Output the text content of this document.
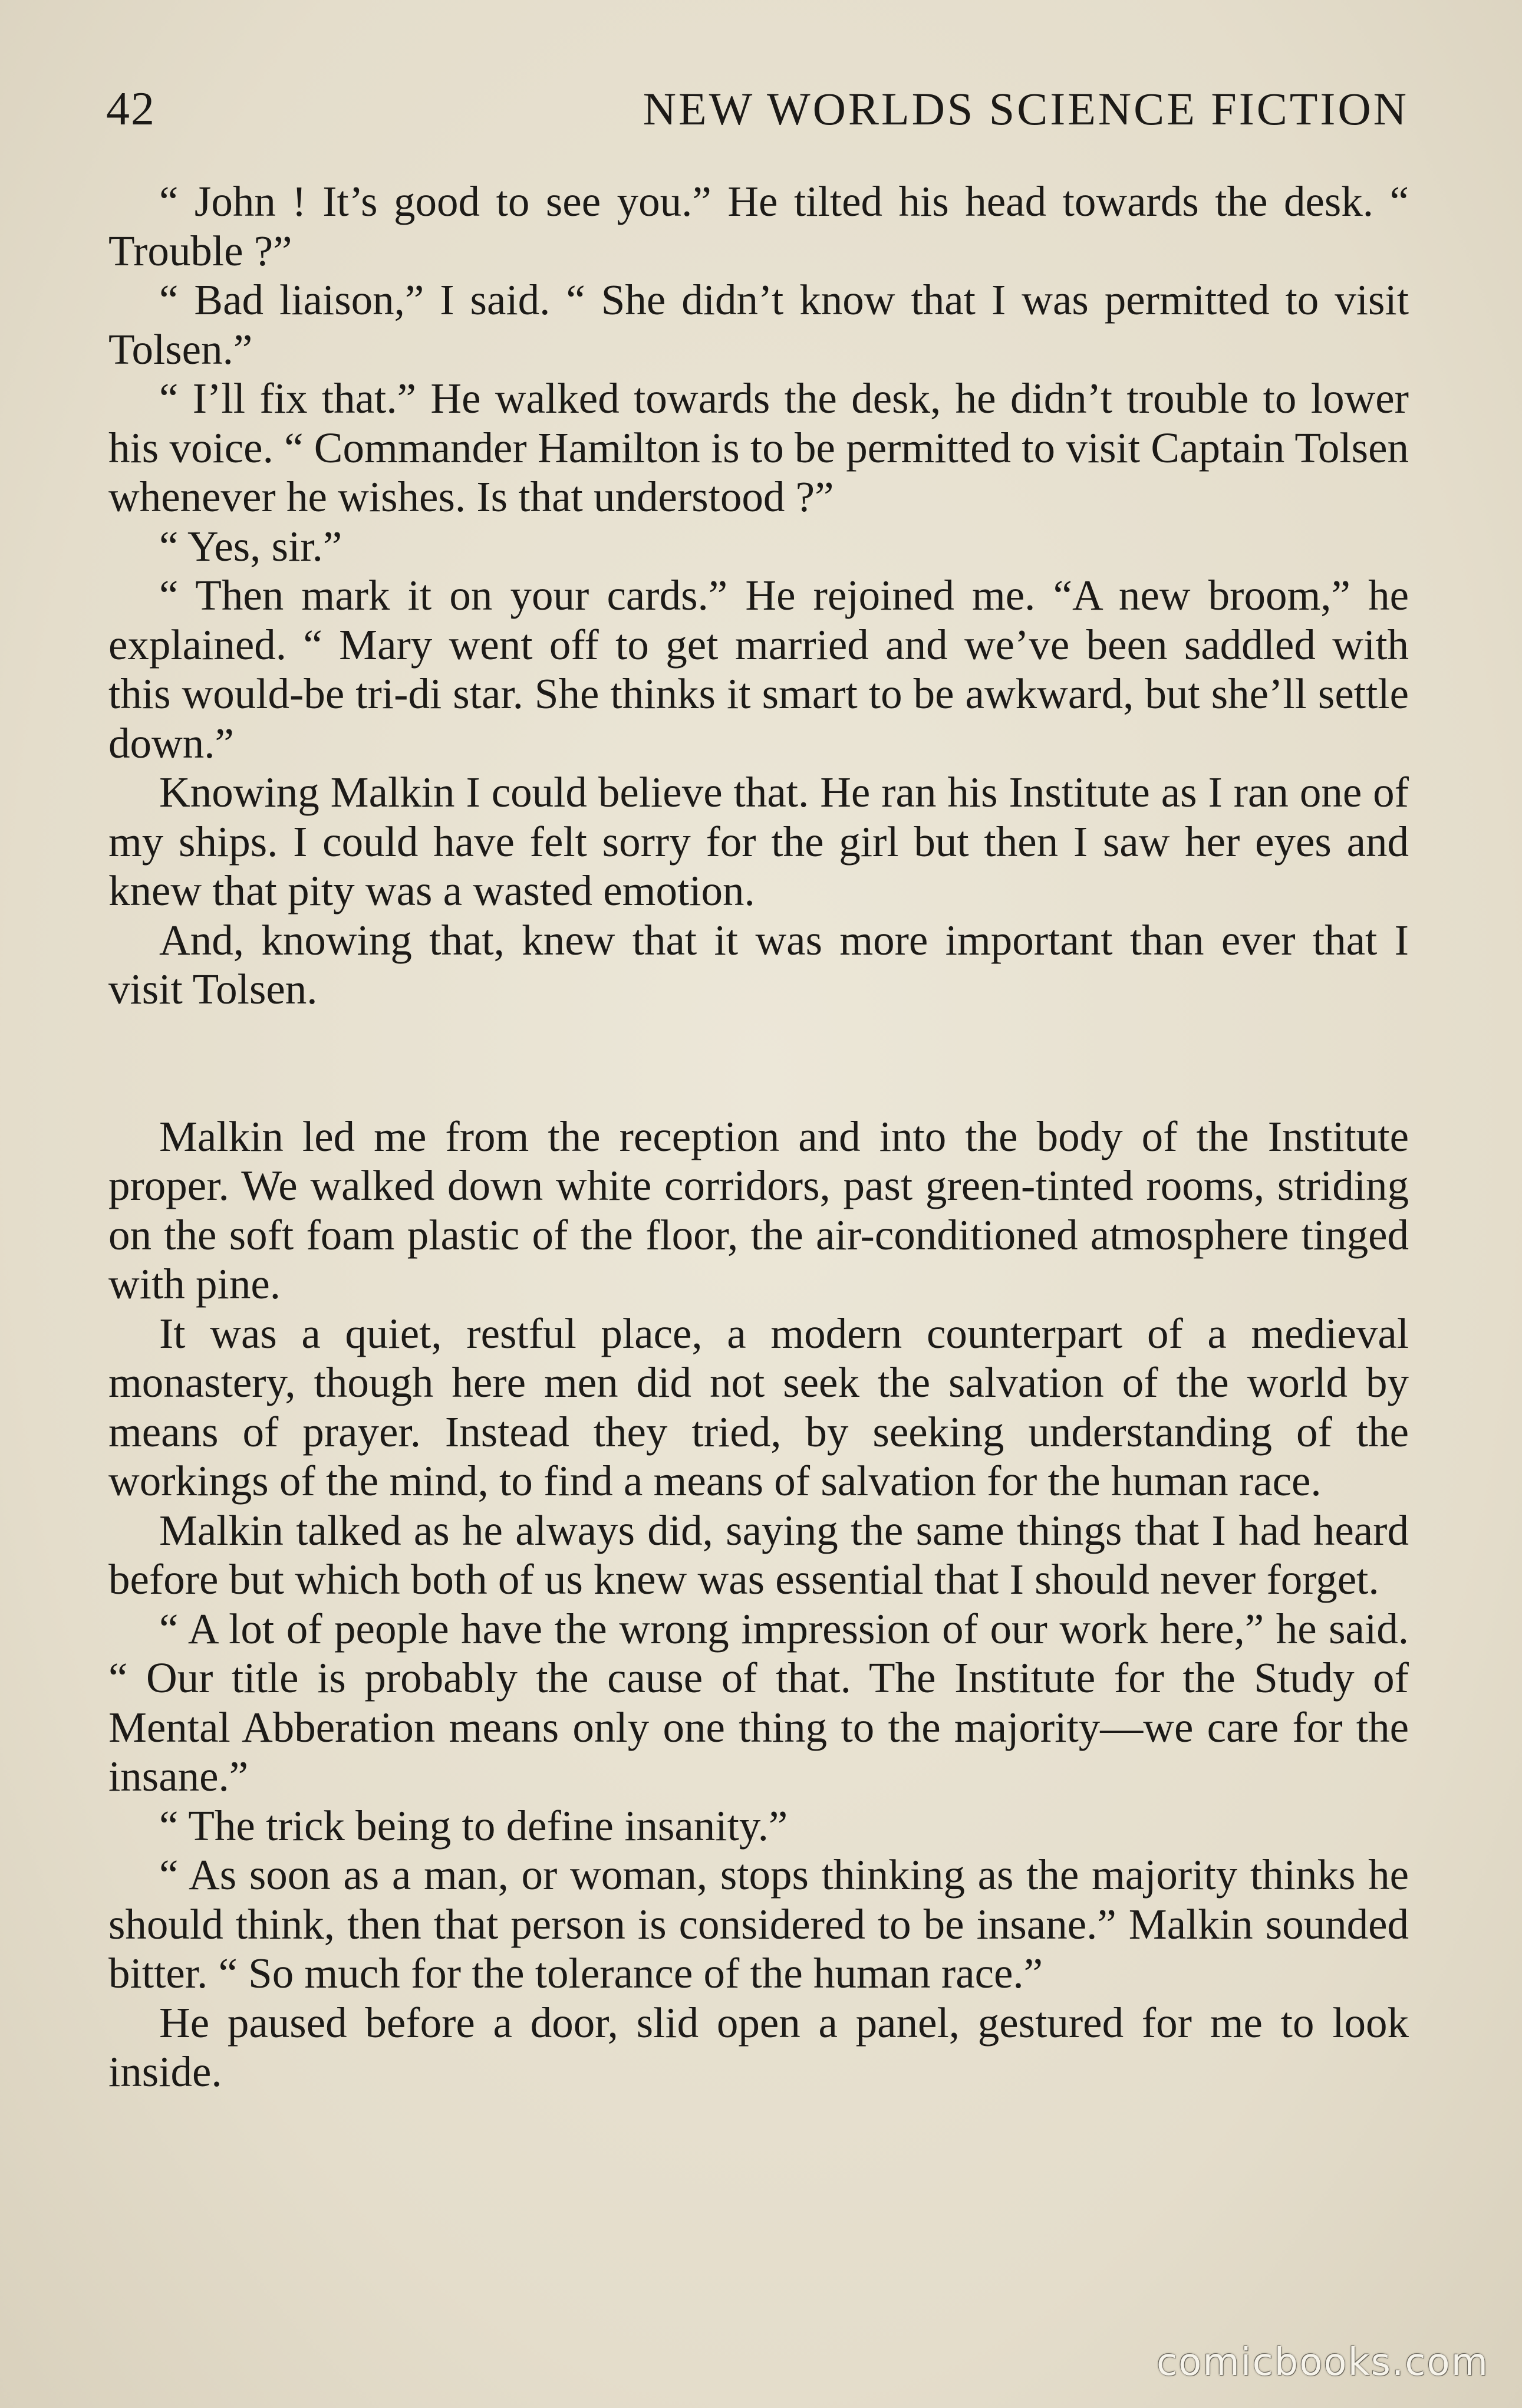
42	NEW WORLDS SCIENCE FICTION

“ John ! It’s good to see you.” He tilted his head towards the desk. “ Trouble ?”

“ Bad liaison,” I said. “ She didn’t know that I was permitted to visit Tolsen.”

“ I’ll fix that.” He walked towards the desk, he didn’t trouble to lower his voice. “ Commander Hamilton is to be permitted to visit Captain Tolsen whenever he wishes. Is that understood ?”

“ Yes, sir.”

“ Then mark it on your cards.” He rejoined me. “A new broom,” he explained. “ Mary went off to get married and we’ve been saddled with this would-be tri-di star. She thinks it smart to be awkward, but she’ll settle down.”

Knowing Malkin I could believe that. He ran his Institute as I ran one of my ships. I could have felt sorry for the girl but then I saw her eyes and knew that pity was a wasted emotion.

And, knowing that, knew that it was more important than ever that I visit Tolsen.

Malkin led me from the reception and into the body of the Institute proper. We walked down white corridors, past green-tinted rooms, striding on the soft foam plastic of the floor, the air-conditioned atmosphere tinged with pine.

It was a quiet, restful place, a modern counterpart of a medieval monastery, though here men did not seek the salvation of the world by means of prayer. Instead they tried, by seeking understanding of the workings of the mind, to find a means of salvation for the human race.

Malkin talked as he always did, saying the same things that I had heard before but which both of us knew was essential that I should never forget.

“ A lot of people have the wrong impression of our work here,” he said. “ Our title is probably the cause of that. The Institute for the Study of Mental Abberation means only one thing to the majority—we care for the insane.”

“ The trick being to define insanity.”

“ As soon as a man, or woman, stops thinking as the majority thinks he should think, then that person is considered to be insane.” Malkin sounded bitter. “ So much for the tolerance of the human race.”

He paused before a door, slid open a panel, gestured for me to look inside.

comicbooks.com
